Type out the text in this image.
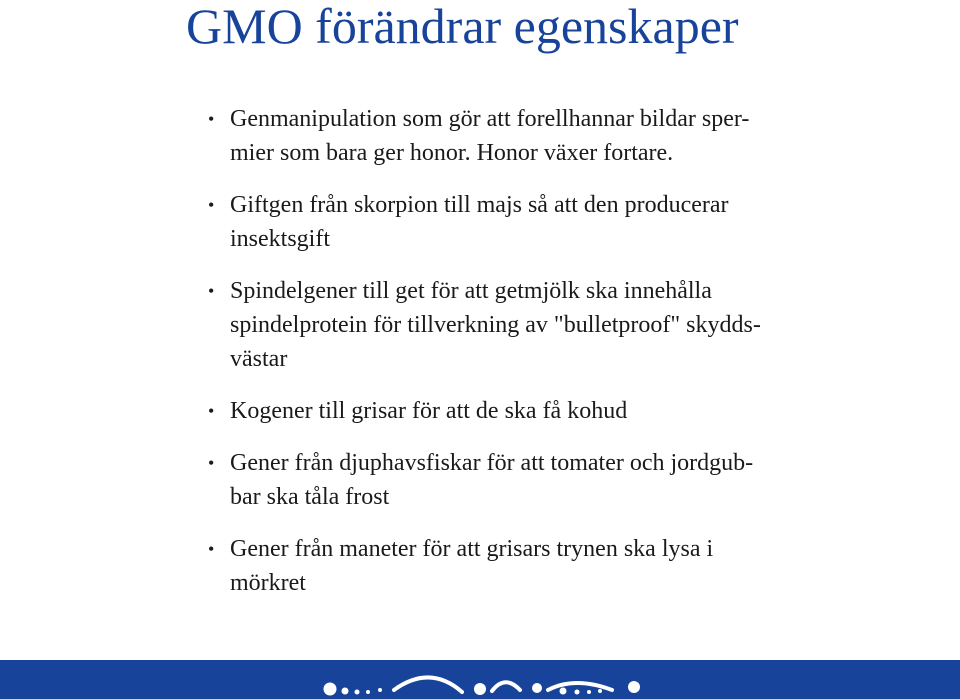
GMO förändrar egenskaper
• Genmanipulation som gör att forellhannar bildar sper-
mier som bara ger honor. Honor växer fortare.
• Giftgen från skorpion till majs så att den producerar
insektsgift
• Spindelgener till get för att getmjölk ska innehålla
spindelprotein för tillverkning av "bulletproof" skydds-
västar
• Kogener till grisar för att de ska få kohud
• Gener från djuphavsfiskar för att tomater och jordgub-
bar ska tåla frost
• Gener från maneter för att grisars trynen ska lysa i
mörkret
